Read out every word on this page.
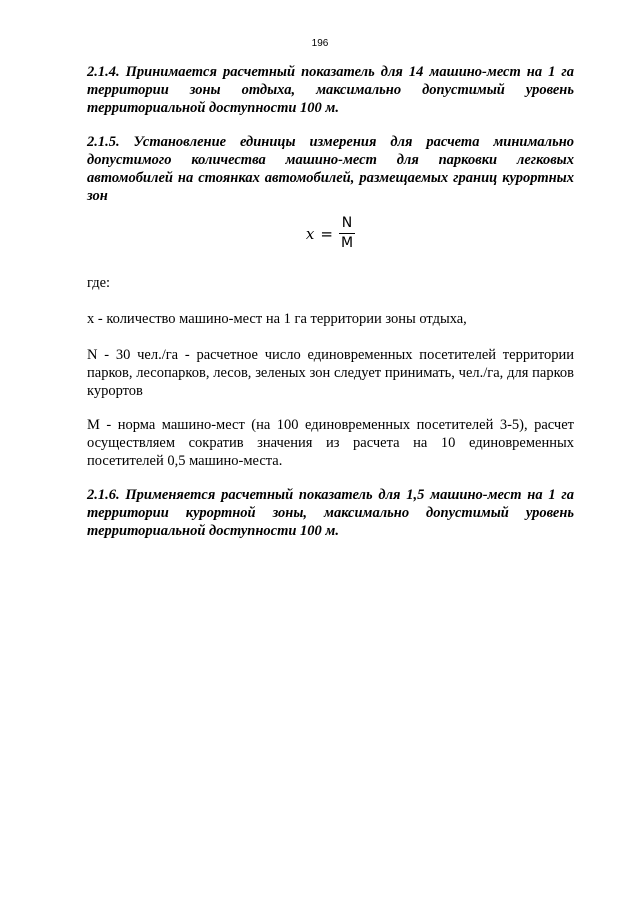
196

2.1.4. Принимается расчетный показатель для 14 машино-мест на 1 га территории зоны отдыха, максимально допустимый уровень территориальной доступности 100 м.

2.1.5. Установление единицы измерения для расчета минимально допустимого количества машино-мест для парковки легковых автомобилей на стоянках автомобилей, размещаемых границ курортных зон

$x = \frac{N}{M}$

где:

x - количество машино-мест на 1 га территории зоны отдыха,

N - 30 чел./га - расчетное число единовременных посетителей территории парков, лесопарков, лесов, зеленых зон следует принимать, чел./га, для парков курортов

M - норма машино-мест (на 100 единовременных посетителей 3-5), расчет осуществляем сократив значения из расчета на 10 единовременных посетителей 0,5 машино-места.

2.1.6. Применяется расчетный показатель для 1,5 машино-мест на 1 га территории курортной зоны, максимально допустимый уровень территориальной доступности 100 м.
